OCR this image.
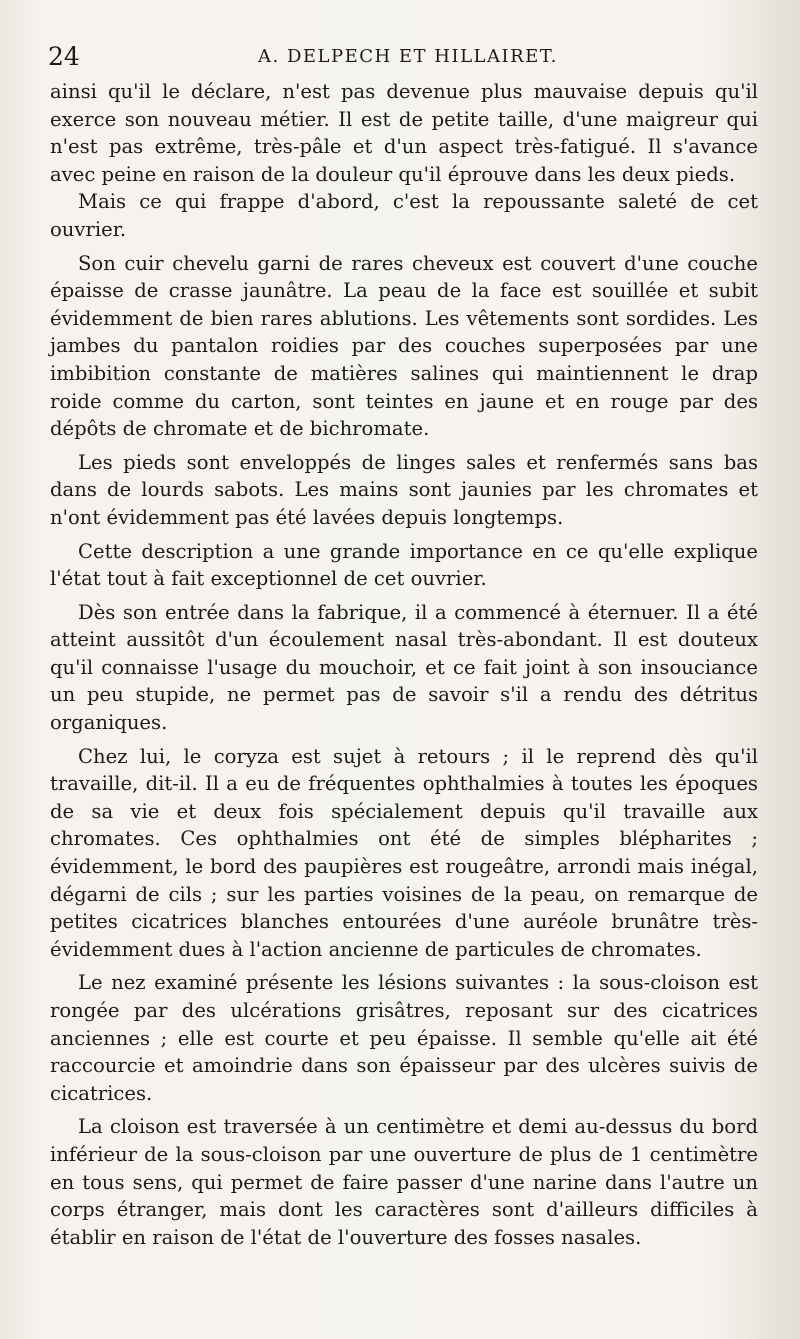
24	A. DELPECH ET HILLAIRET.

ainsi qu'il le déclare, n'est pas devenue plus mauvaise depuis qu'il exerce son nouveau métier. Il est de petite taille, d'une maigreur qui n'est pas extrême, très-pâle et d'un aspect très-fatigué. Il s'avance avec peine en raison de la douleur qu'il éprouve dans les deux pieds.

Mais ce qui frappe d'abord, c'est la repoussante saleté de cet ouvrier.

Son cuir chevelu garni de rares cheveux est couvert d'une couche épaisse de crasse jaunâtre. La peau de la face est souillée et subit évidemment de bien rares ablutions. Les vêtements sont sordides. Les jambes du pantalon roidies par des couches superposées par une imbibition constante de matières salines qui maintiennent le drap roide comme du carton, sont teintes en jaune et en rouge par des dépôts de chromate et de bichromate.

Les pieds sont enveloppés de linges sales et renfermés sans bas dans de lourds sabots. Les mains sont jaunies par les chromates et n'ont évidemment pas été lavées depuis longtemps.

Cette description a une grande importance en ce qu'elle explique l'état tout à fait exceptionnel de cet ouvrier.

Dès son entrée dans la fabrique, il a commencé à éternuer. Il a été atteint aussitôt d'un écoulement nasal très-abondant. Il est douteux qu'il connaisse l'usage du mouchoir, et ce fait joint à son insouciance un peu stupide, ne permet pas de savoir s'il a rendu des détritus organiques.

Chez lui, le coryza est sujet à retours ; il le reprend dès qu'il travaille, dit-il. Il a eu de fréquentes ophthalmies à toutes les époques de sa vie et deux fois spécialement depuis qu'il travaille aux chromates. Ces ophthalmies ont été de simples blépharites ; évidemment, le bord des paupières est rougeâtre, arrondi mais inégal, dégarni de cils ; sur les parties voisines de la peau, on remarque de petites cicatrices blanches entourées d'une auréole brunâtre très-évidemment dues à l'action ancienne de particules de chromates.

Le nez examiné présente les lésions suivantes : la sous-cloison est rongée par des ulcérations grisâtres, reposant sur des cicatrices anciennes ; elle est courte et peu épaisse. Il semble qu'elle ait été raccourcie et amoindrie dans son épaisseur par des ulcères suivis de cicatrices.

La cloison est traversée à un centimètre et demi au-dessus du bord inférieur de la sous-cloison par une ouverture de plus de 1 centimètre en tous sens, qui permet de faire passer d'une narine dans l'autre un corps étranger, mais dont les caractères sont d'ailleurs difficiles à établir en raison de l'état de l'ouverture des fosses nasales.
